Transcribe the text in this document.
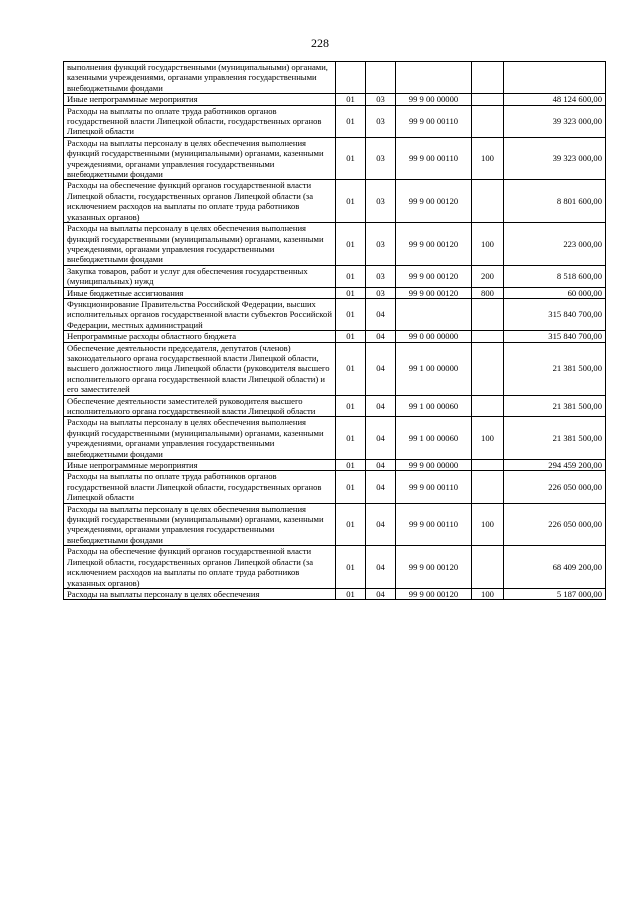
228
выполнения функций государственными (муниципальными) органами, казенными учреждениями, органами управления государственными внебюджетными фондами					
Иные непрограммные мероприятия	01	03	99 9 00 00000		48 124 600,00
Расходы на выплаты по оплате труда работников органов государственной власти Липецкой области, государственных органов Липецкой области	01	03	99 9 00 00110		39 323 000,00
Расходы на выплаты персоналу в целях обеспечения выполнения функций государственными (муниципальными) органами, казенными учреждениями, органами управления государственными внебюджетными фондами	01	03	99 9 00 00110	100	39 323 000,00
Расходы на обеспечение функций органов государственной власти Липецкой области, государственных органов Липецкой области (за исключением расходов на выплаты по оплате труда работников указанных органов)	01	03	99 9 00 00120		8 801 600,00
Расходы на выплаты персоналу в целях обеспечения выполнения функций государственными (муниципальными) органами, казенными учреждениями, органами управления государственными внебюджетными фондами	01	03	99 9 00 00120	100	223 000,00
Закупка товаров, работ и услуг для обеспечения государственных (муниципальных) нужд	01	03	99 9 00 00120	200	8 518 600,00
Иные бюджетные ассигнования	01	03	99 9 00 00120	800	60 000,00
Функционирование Правительства Российской Федерации, высших исполнительных органов государственной власти субъектов Российской Федерации, местных администраций	01	04			315 840 700,00
Непрограммные расходы областного бюджета	01	04	99 0 00 00000		315 840 700,00
Обеспечение деятельности председателя, депутатов (членов) законодательного органа государственной власти Липецкой области, высшего должностного лица Липецкой области (руководителя высшего исполнительного органа государственной власти Липецкой области) и его заместителей	01	04	99 1 00 00000		21 381 500,00
Обеспечение деятельности заместителей руководителя высшего исполнительного органа государственной власти Липецкой области	01	04	99 1 00 00060		21 381 500,00
Расходы на выплаты персоналу в целях обеспечения выполнения функций государственными (муниципальными) органами, казенными учреждениями, органами управления государственными внебюджетными фондами	01	04	99 1 00 00060	100	21 381 500,00
Иные непрограммные мероприятия	01	04	99 9 00 00000		294 459 200,00
Расходы на выплаты по оплате труда работников органов государственной власти Липецкой области, государственных органов Липецкой области	01	04	99 9 00 00110		226 050 000,00
Расходы на выплаты персоналу в целях обеспечения выполнения функций государственными (муниципальными) органами, казенными учреждениями, органами управления государственными внебюджетными фондами	01	04	99 9 00 00110	100	226 050 000,00
Расходы на обеспечение функций органов государственной власти Липецкой области, государственных органов Липецкой области (за исключением расходов на выплаты по оплате труда работников указанных органов)	01	04	99 9 00 00120		68 409 200,00
Расходы на выплаты персоналу в целях обеспечения	01	04	99 9 00 00120	100	5 187 000,00
